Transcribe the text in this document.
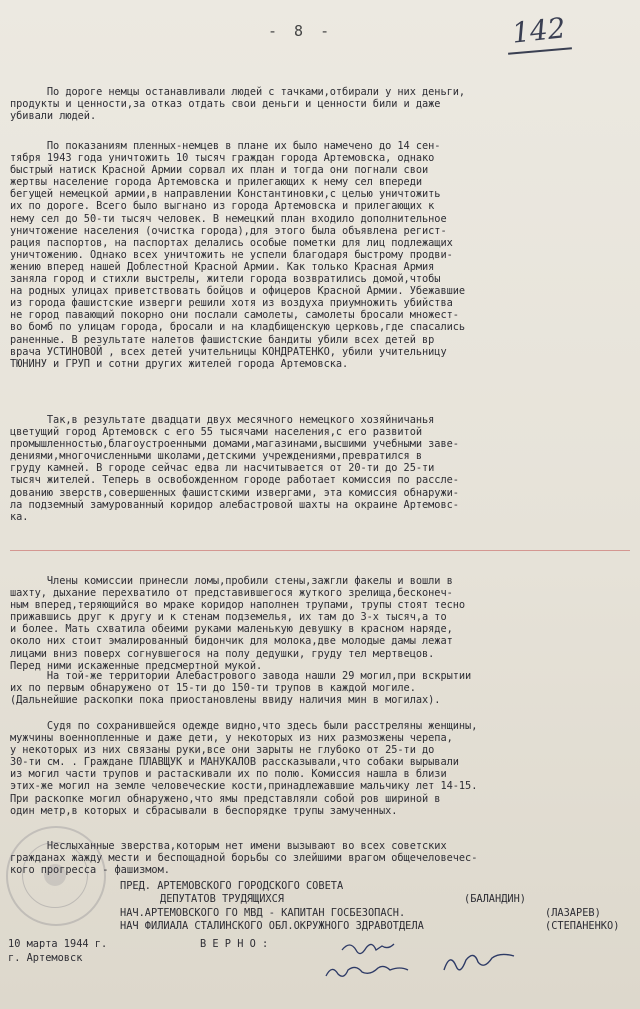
- 8 -	142
По дороге немцы останавливали людей с тачками,отбирали у них деньги,
продукты и ценности,за отказ отдать свои деньги и ценности били и даже
убивали людей.
По показаниям пленных-немцев в плане их было намечено до 14 сен-
тября 1943 года уничтожить 10 тысяч граждан города Артемовска, однако
быстрый натиск Красной Армии сорвал их план и тогда они погнали свои
жертвы население города Артемовска и прилегающих к нему сел впереди
бегущей немецкой армии,в направлении Константиновки,с целью уничтожить
их по дороге. Всего было выгнано из города Артемовска и прилегающих к
нему сел до 50-ти тысяч человек. В немецкий план входило дополнительное
уничтожение населения (очистка города),для этого была объявлена регист-
рация паспортов, на паспортах делались особые пометки для лиц подлежащих
уничтожению. Однако всех уничтожить не успели благодаря быстрому продви-
жению вперед нашей Доблестной Красной Армии. Как только Красная Армия
заняла город и стихли выстрелы, жители города возвратились домой,чтобы
на родных улицах приветствовать бойцов и офицеров Красной Армии. Убежавшие
из города фашистские изверги решили хотя из воздуха приумножить убийства
не город павающий покорно они послали самолеты, самолеты бросали множест-
во бомб по улицам города, бросали и на кладбищенскую церковь,где спасались
раненные. В результате налетов фашистские бандиты убили всех детей вр
врача УСТИНОВОЙ , всех детей учительницы КОНДРАТЕНКО, убили учительницу
ТЮНИНУ и ГРУП и сотни других жителей города Артемовска.
Так,в результате двадцати двух месячного немецкого хозяйничанья
цветущий город Артемовск с его 55 тысячами населения,с его развитой
промышленностью,благоустроенными домами,магазинами,высшими учебными заве-
дениями,многочисленными школами,детскими учреждениями,превратился в
груду камней. В городе сейчас едва ли насчитывается от 20-ти до 25-ти
тысяч жителей. Теперь в освобожденном городе работает комиссия по рассле-
дованию зверств,совершенных фашистскими извергами, эта комиссия обнаружи-
ла подземный замурованный коридор алебастровой шахты на окраине Артемовс-
ка.
Члены комиссии принесли ломы,пробили стены,зажгли факелы и вошли в
шахту, дыхание перехватило от представившегося жуткого зрелища,бесконеч-
ным вперед,теряющийся во мраке коридор наполнен трупами, трупы стоят тесно
прижавшись друг к другу и к стенам подземелья, их там до 3-х тысяч,а то
и более. Мать схватила обеими руками маленькую девушку в красном наряде,
около них стоит эмалированный бидончик для молока,две молодые дамы лежат
лицами вниз поверх согнувшегося на полу дедушки, груду тел мертвецов.
Перед ними искаженные предсмертной мукой.
На той-же территории Алебастрового завода нашли 29 могил,при вскрытии
их по первым обнаружено от 15-ти до 150-ти трупов в каждой могиле.
(Дальнейшие раскопки пока приостановлены ввиду наличия мин в могилах).
Судя по сохранившейся одежде видно,что здесь были расстреляны женщины,
мужчины военнопленные и даже дети, у некоторых из них размозжены черепа,
у некоторых из них связаны руки,все они зарыты не глубоко от 25-ти до
30-ти см. . Граждане ПЛАВЩУК и МАНУКАЛОВ рассказывали,что собаки вырывали
из могил части трупов и растаскивали их по полю. Комиссия нашла в близи
этих-же могил на земле человеческие кости,принадлежавшие мальчику лет 14-15.
При раскопке могил обнаружено,что ямы представляли собой ров шириной в
один метр,в которых и сбрасывали в беспорядке трупы замученных.
Неслыханные зверства,которым нет имени вызывают во всех советских
гражданах жажду мести и беспощадной борьбы со злейшими врагом общечеловечес-
кого прогресса - фашизмом.
ПРЕД. АРТЕМОВСКОГО ГОРОДСКОГО СОВЕТА
ДЕПУТАТОВ ТРУДЯЩИХСЯ	(БАЛАНДИН)
НАЧ.АРТЕМОВСКОГО ГО МВД - КАПИТАН ГОСБЕЗОПАСН.	(ЛАЗАРЕВ)
НАЧ ФИЛИАЛА СТАЛИНСКОГО ОБЛ.ОКРУЖНОГО ЗДРАВОТДЕЛА	(СТЕПАНЕНКО)
10 марта 1944 г.	В Е Р Н О :
г. Артемовск
